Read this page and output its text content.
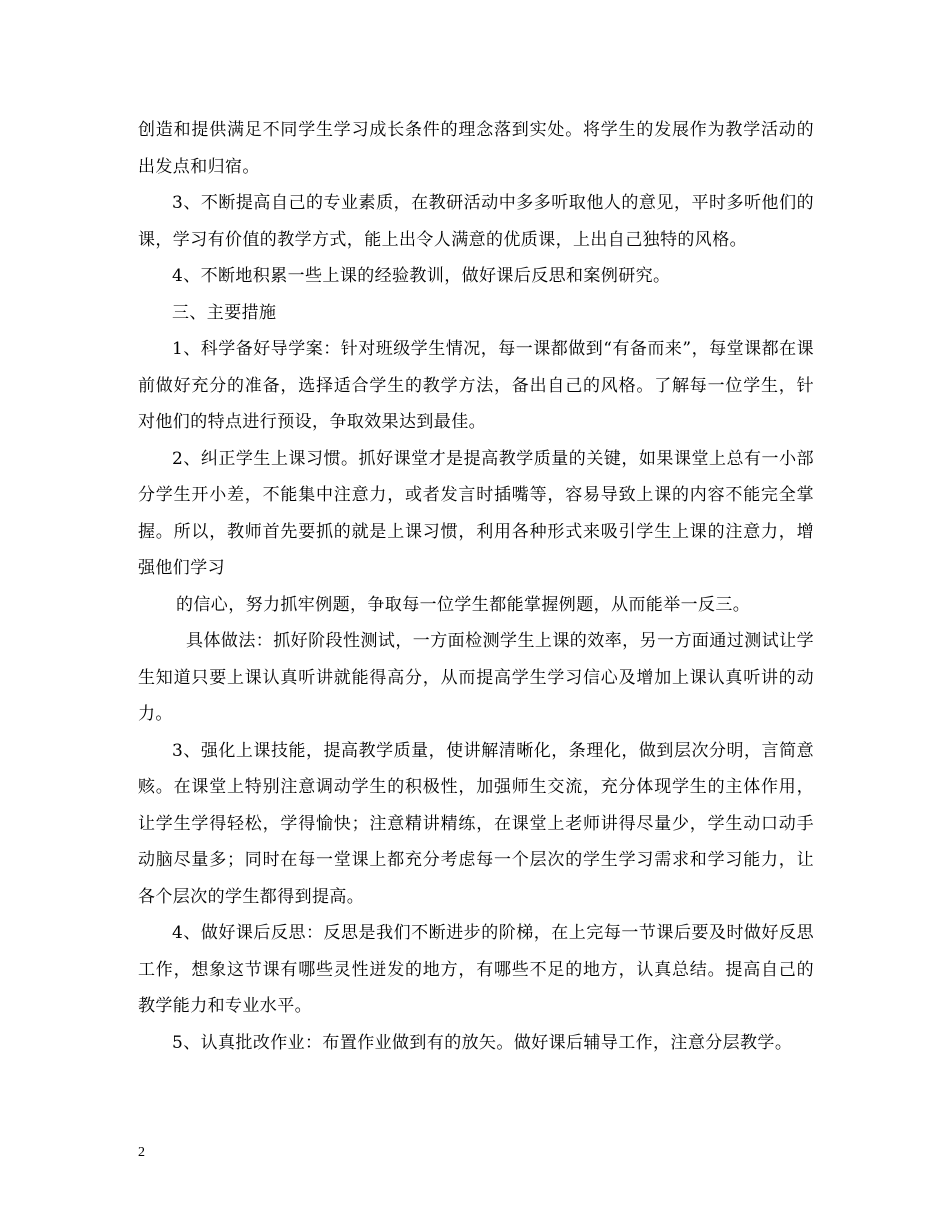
创造和提供满足不同学生学习成长条件的理念落到实处。将学生的发展作为教学活动的出发点和归宿。

3、不断提高自己的专业素质，在教研活动中多多听取他人的意见，平时多听他们的课，学习有价值的教学方式，能上出令人满意的优质课，上出自己独特的风格。

4、不断地积累一些上课的经验教训，做好课后反思和案例研究。

三、主要措施

1、科学备好导学案：针对班级学生情况，每一课都做到“有备而来”，每堂课都在课前做好充分的准备，选择适合学生的教学方法，备出自己的风格。了解每一位学生，针对他们的特点进行预设，争取效果达到最佳。

2、纠正学生上课习惯。抓好课堂才是提高教学质量的关键，如果课堂上总有一小部分学生开小差，不能集中注意力，或者发言时插嘴等，容易导致上课的内容不能完全掌握。所以，教师首先要抓的就是上课习惯，利用各种形式来吸引学生上课的注意力，增强他们学习

的信心，努力抓牢例题，争取每一位学生都能掌握例题，从而能举一反三。

具体做法：抓好阶段性测试，一方面检测学生上课的效率，另一方面通过测试让学生知道只要上课认真听讲就能得高分，从而提高学生学习信心及增加上课认真听讲的动力。

3、强化上课技能，提高教学质量，使讲解清晰化，条理化，做到层次分明，言简意赅。在课堂上特别注意调动学生的积极性，加强师生交流，充分体现学生的主体作用，让学生学得轻松，学得愉快；注意精讲精练，在课堂上老师讲得尽量少，学生动口动手动脑尽量多；同时在每一堂课上都充分考虑每一个层次的学生学习需求和学习能力，让各个层次的学生都得到提高。

4、做好课后反思：反思是我们不断进步的阶梯，在上完每一节课后要及时做好反思工作，想象这节课有哪些灵性迸发的地方，有哪些不足的地方，认真总结。提高自己的教学能力和专业水平。

5、认真批改作业：布置作业做到有的放矢。做好课后辅导工作，注意分层教学。

2
